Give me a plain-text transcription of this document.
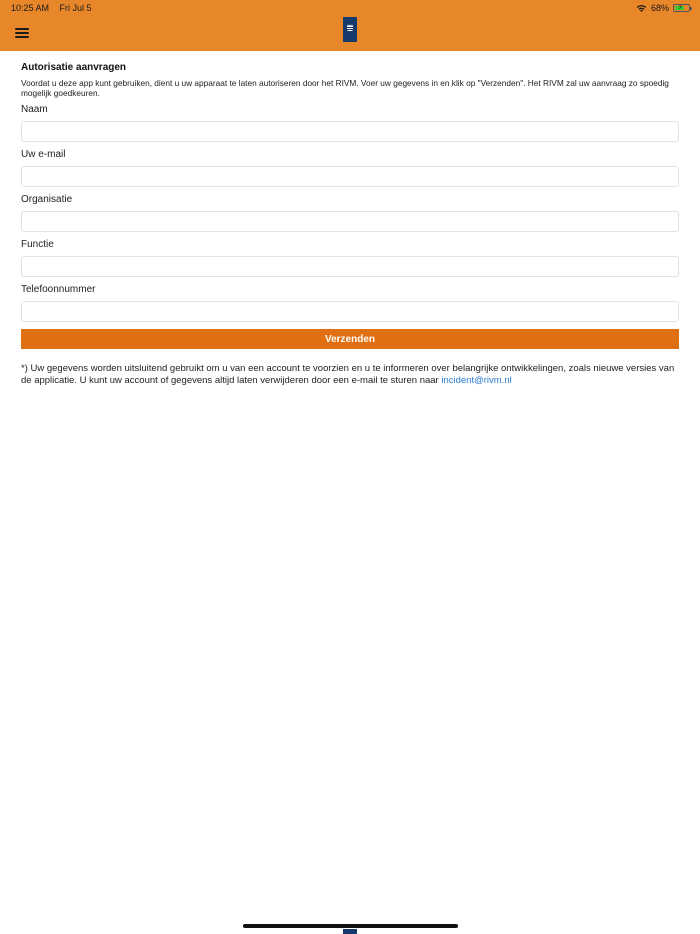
10:25 AM Fri Jul 5	68% ⚡
Autorisatie aanvragen
Voordat u deze app kunt gebruiken, dient u uw apparaat te laten autoriseren door het RIVM. Voer uw gegevens in en klik op "Verzenden". Het RIVM zal uw aanvraag zo spoedig mogelijk goedkeuren.
Naam
Uw e-mail
Organisatie
Functie
Telefoonnummer
Verzenden
*) Uw gegevens worden uitsluitend gebruikt om u van een account te voorzien en u te informeren over belangrijke ontwikkelingen, zoals nieuwe versies van de applicatie. U kunt uw account of gegevens altijd laten verwijderen door een e-mail te sturen naar incident@rivm.nl
